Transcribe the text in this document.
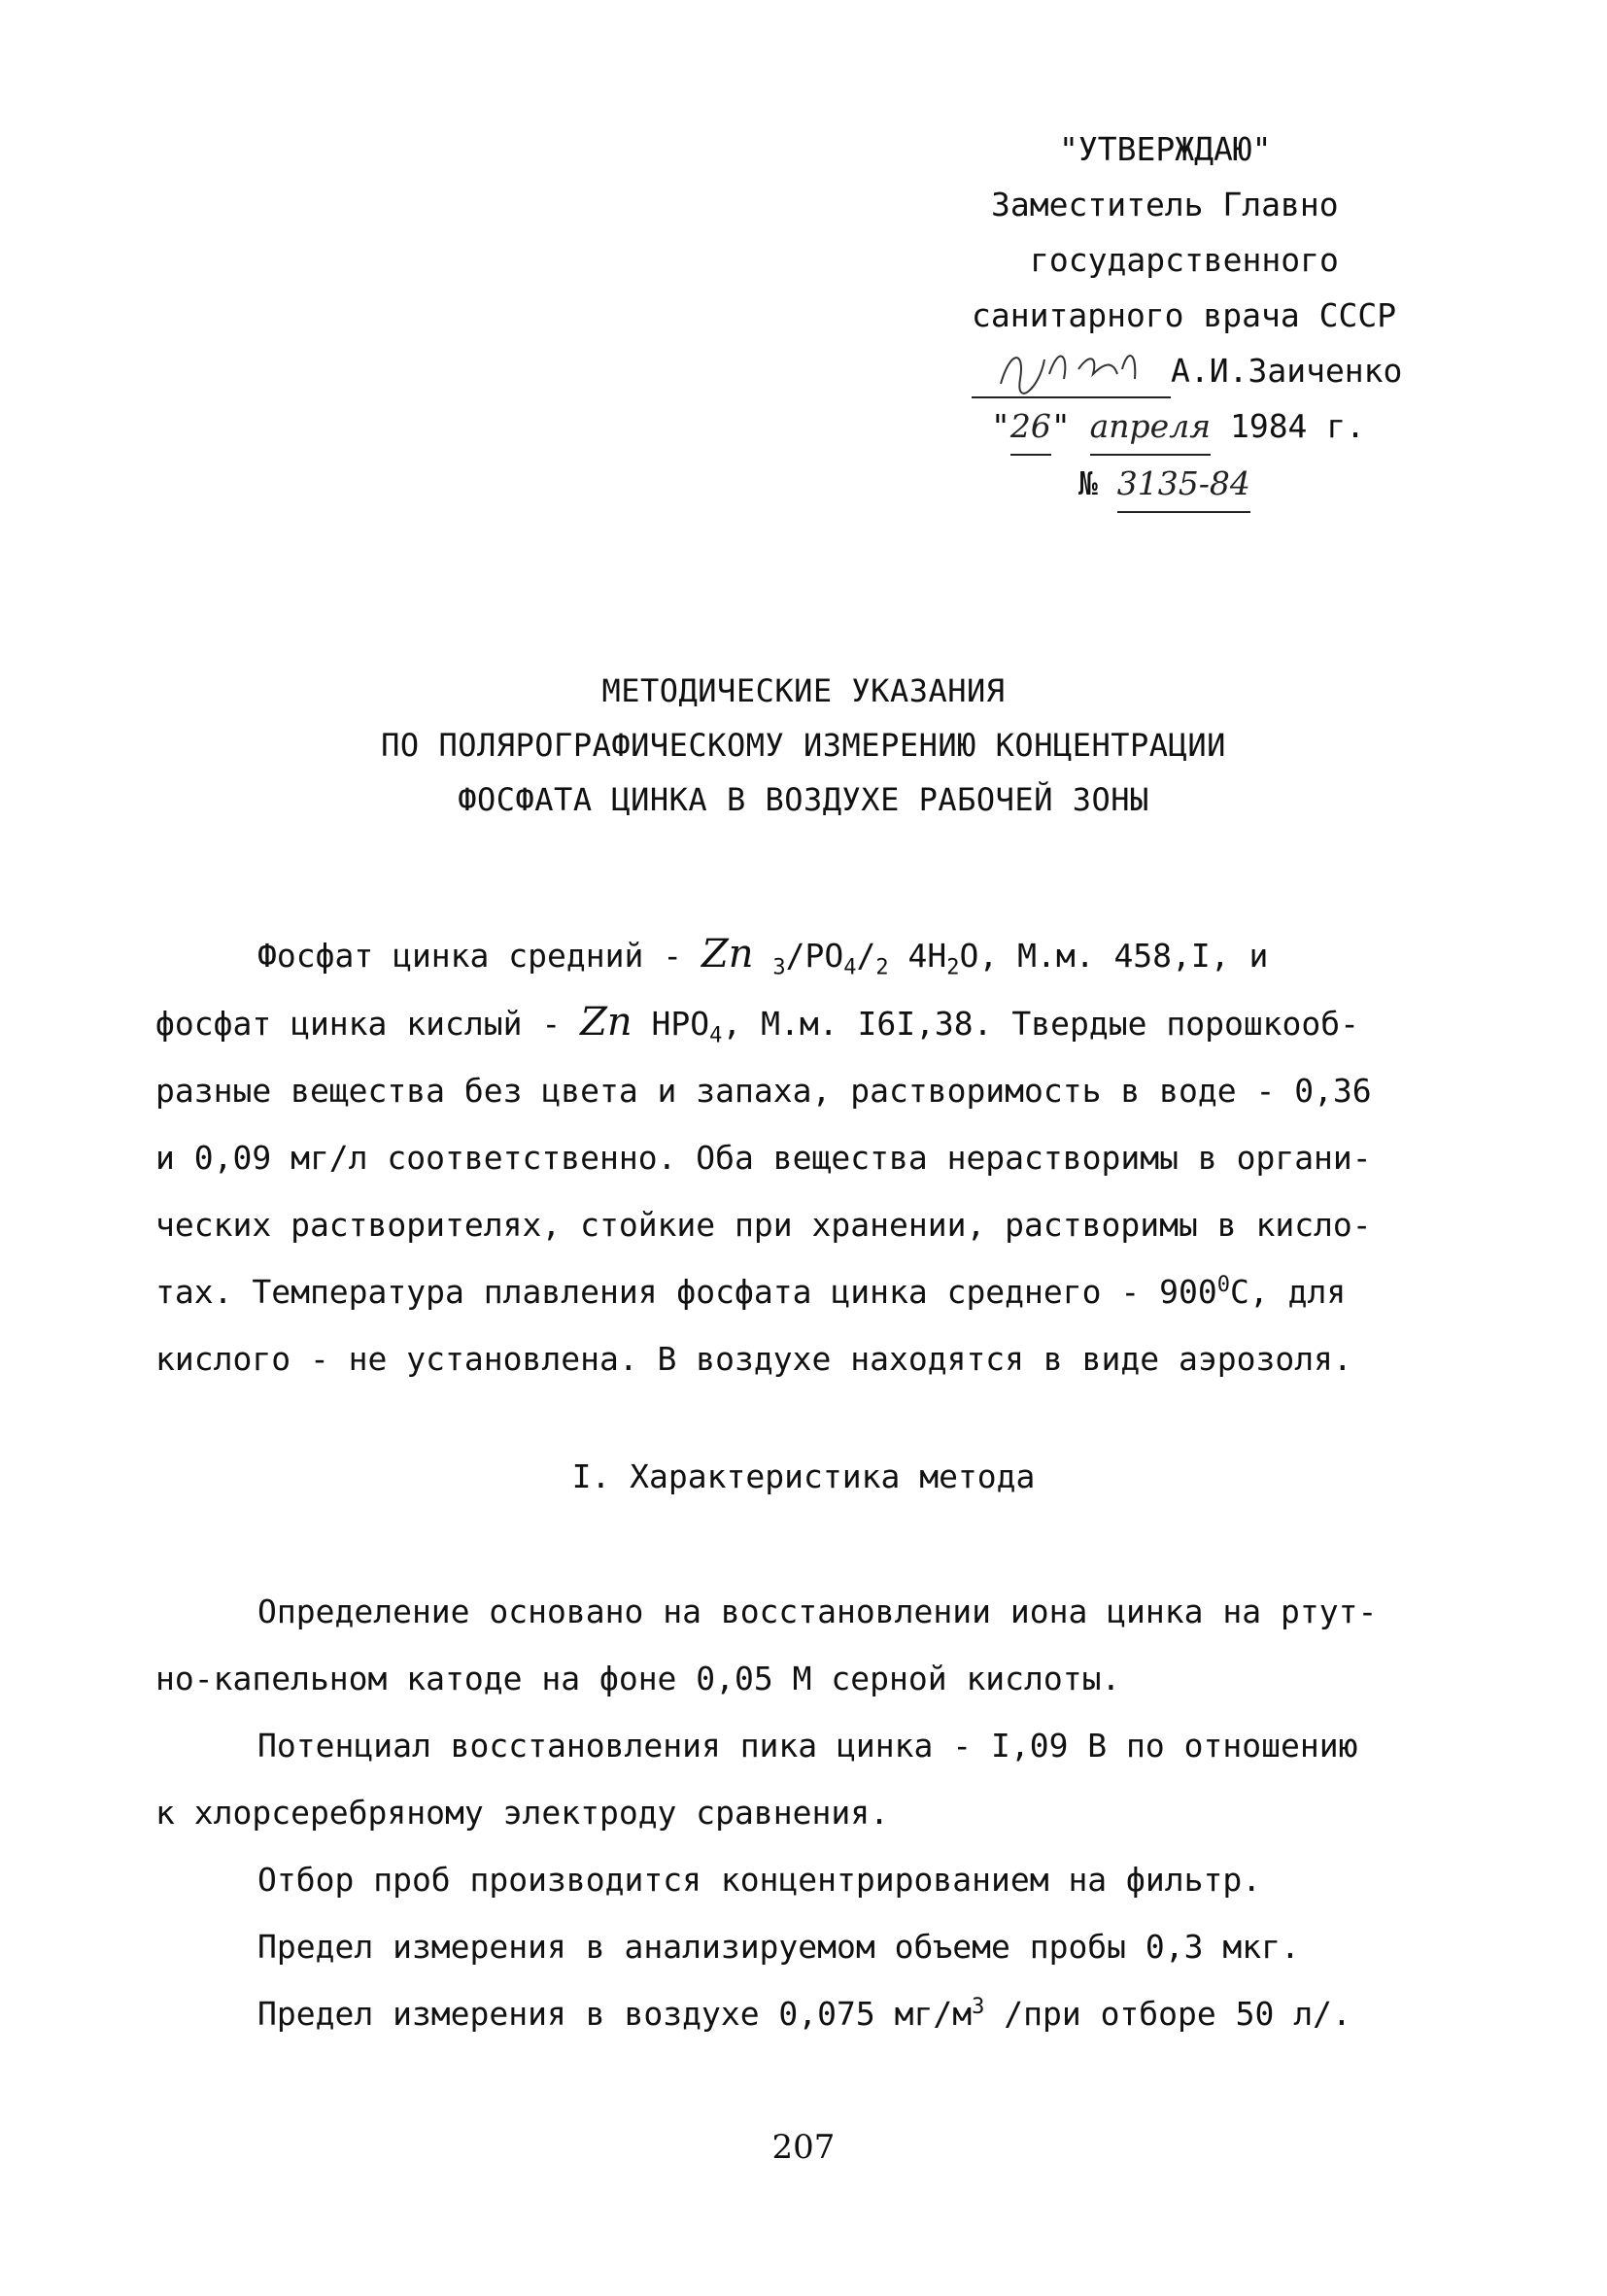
"УТВЕРЖДАЮ"
Заместитель Главно
государственного
санитарного врача СССР
А.И.Заиченко
"26" апреля 1984 г.
№ 3135-84
МЕТОДИЧЕСКИЕ УКАЗАНИЯ
ПО ПОЛЯРОГРАФИЧЕСКОМУ ИЗМЕРЕНИЮ КОНЦЕНТРАЦИИ
ФОСФАТА ЦИНКА В ВОЗДУХЕ РАБОЧЕЙ ЗОНЫ
Фосфат цинка средний - Zn $_3/PO_4/_2$ $4H_2O$, М.м. 458,I, и
фосфат цинка кислый - Zn $HPO_4$, М.м. I6I,38. Твердые порошкооб-
разные вещества без цвета и запаха, растворимость в воде - 0,36
и 0,09 мг/л соответственно. Оба вещества нерастворимы в органи-
ческих растворителях, стойкие при хранении, растворимы в кисло-
тах. Температура плавления фосфата цинка среднего - $900^0С$, для
кислого - не установлена. В воздухе находятся в виде аэрозоля.
I. Характеристика метода
Определение основано на восстановлении иона цинка на ртут-
но-капельном катоде на фоне 0,05 М серной кислоты.
Потенциал восстановления пика цинка - I,09 В по отношению
к хлорсеребряному электроду сравнения.
Отбор проб производится концентрированием на фильтр.
Предел измерения в анализируемом объеме пробы 0,3 мкг.
Предел измерения в воздухе 0,075 $мг/м^3$ /при отборе 50 л/.
207
